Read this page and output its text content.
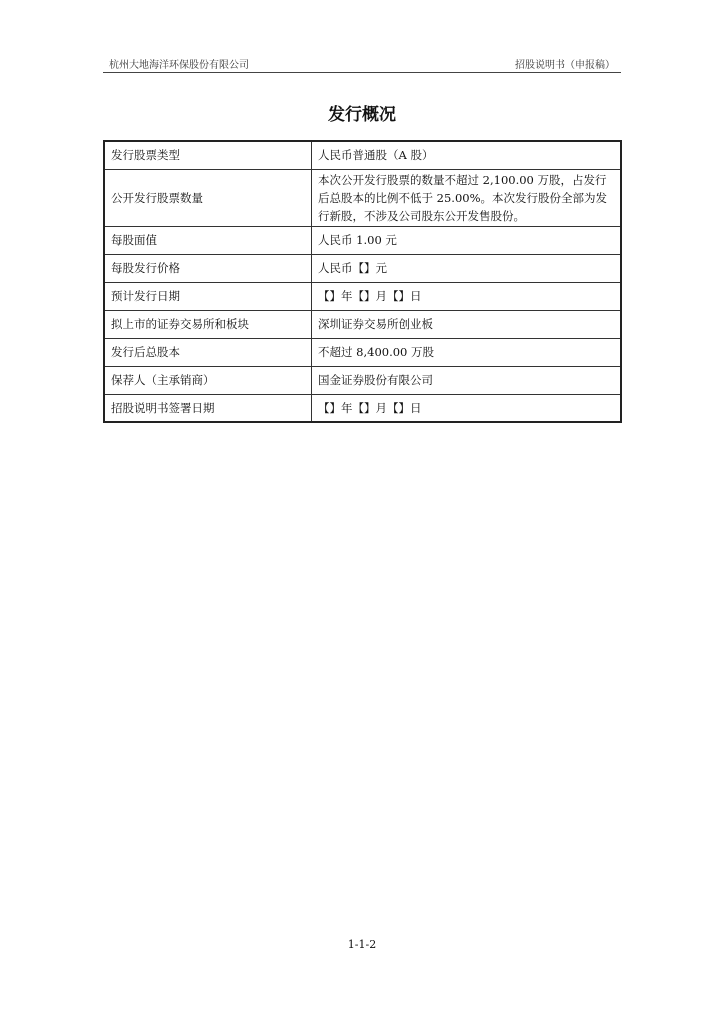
杭州大地海洋环保股份有限公司	招股说明书（申报稿）
发行概况
发行股票类型	人民币普通股（A 股）
公开发行股票数量	本次公开发行股票的数量不超过 2,100.00 万股，占发行后总股本的比例不低于 25.00%。本次发行股份全部为发行新股，不涉及公司股东公开发售股份。
每股面值	人民币 1.00 元
每股发行价格	人民币【】元
预计发行日期	【】年【】月【】日
拟上市的证券交易所和板块	深圳证券交易所创业板
发行后总股本	不超过 8,400.00 万股
保荐人（主承销商）	国金证券股份有限公司
招股说明书签署日期	【】年【】月【】日
1-1-2
